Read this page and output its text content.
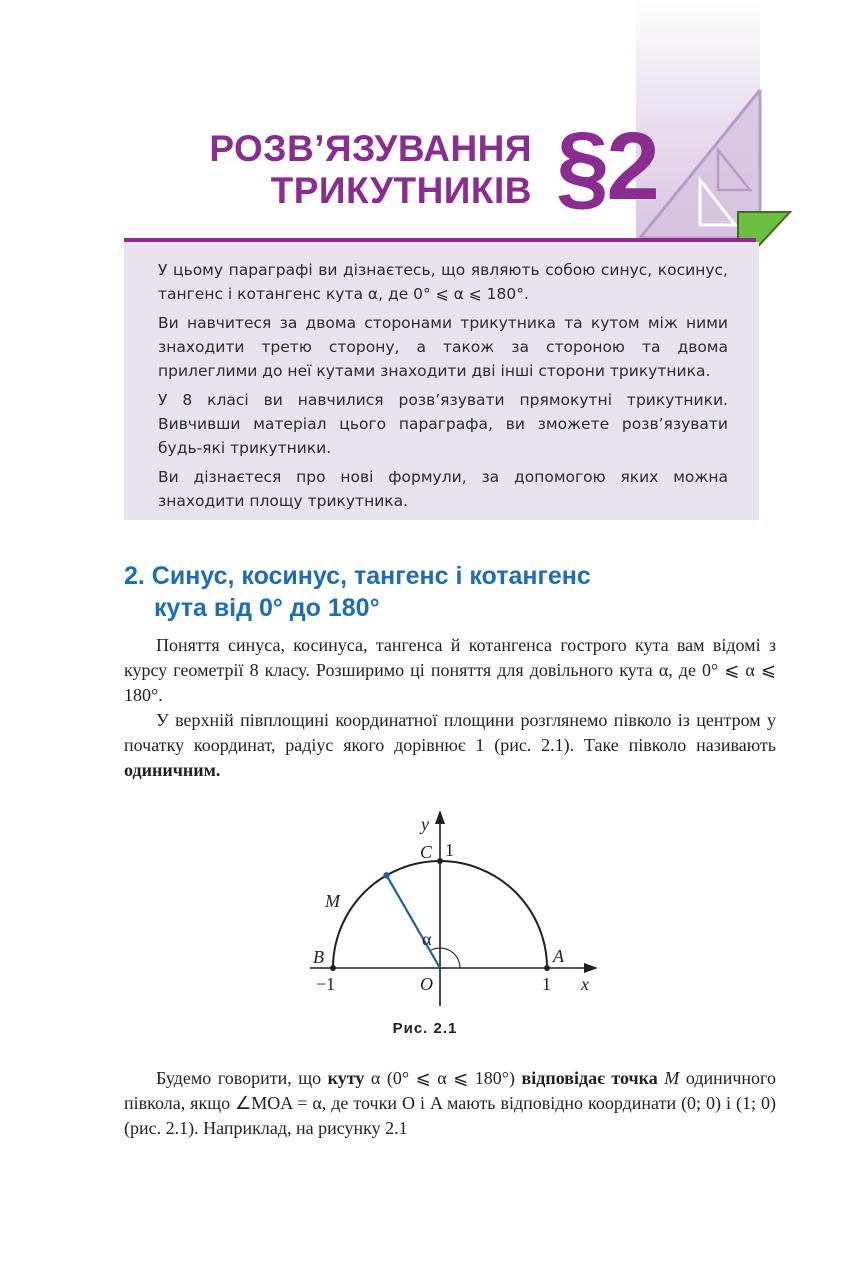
РОЗВ’ЯЗУВАННЯ
ТРИКУТНИКІВ §2

У цьому параграфі ви дізнаєтесь, що являють собою синус, косинус, тангенс і котангенс кута α, де 0° ⩽ α ⩽ 180°.

Ви навчитеся за двома сторонами трикутника та кутом між ними знаходити третю сторону, а також за стороною та двома прилеглими до неї кутами знаходити дві інші сторони трикутника.

У 8 класі ви навчилися розв’язувати прямокутні трикутники. Вивчивши матеріал цього параграфа, ви зможете розв’язувати будь-які трикутники.

Ви дізнаєтеся про нові формули, за допомогою яких можна знаходити площу трикутника.

2. Синус, косинус, тангенс і котангенс
кута від 0° до 180°

Поняття синуса, косинуса, тангенса й котангенса гострого кута вам відомі з курсу геометрії 8 класу. Розширимо ці поняття для довільного кута α, де 0° ⩽ α ⩽ 180°.

У верхній півплощині координатної площини розглянемо півколо із центром у початку координат, радіус якого дорівнює 1 (рис. 2.1). Таке півколо називають одиничним.

y
C 1
M
α
B	A
−1	O	1 x
Рис. 2.1

Будемо говорити, що куту α (0° ⩽ α ⩽ 180°) відповідає точка M одиничного півкола, якщо ∠MOA = α, де точки O і A мають відповідно координати (0; 0) і (1; 0) (рис. 2.1). Наприклад, на рисунку 2.1
